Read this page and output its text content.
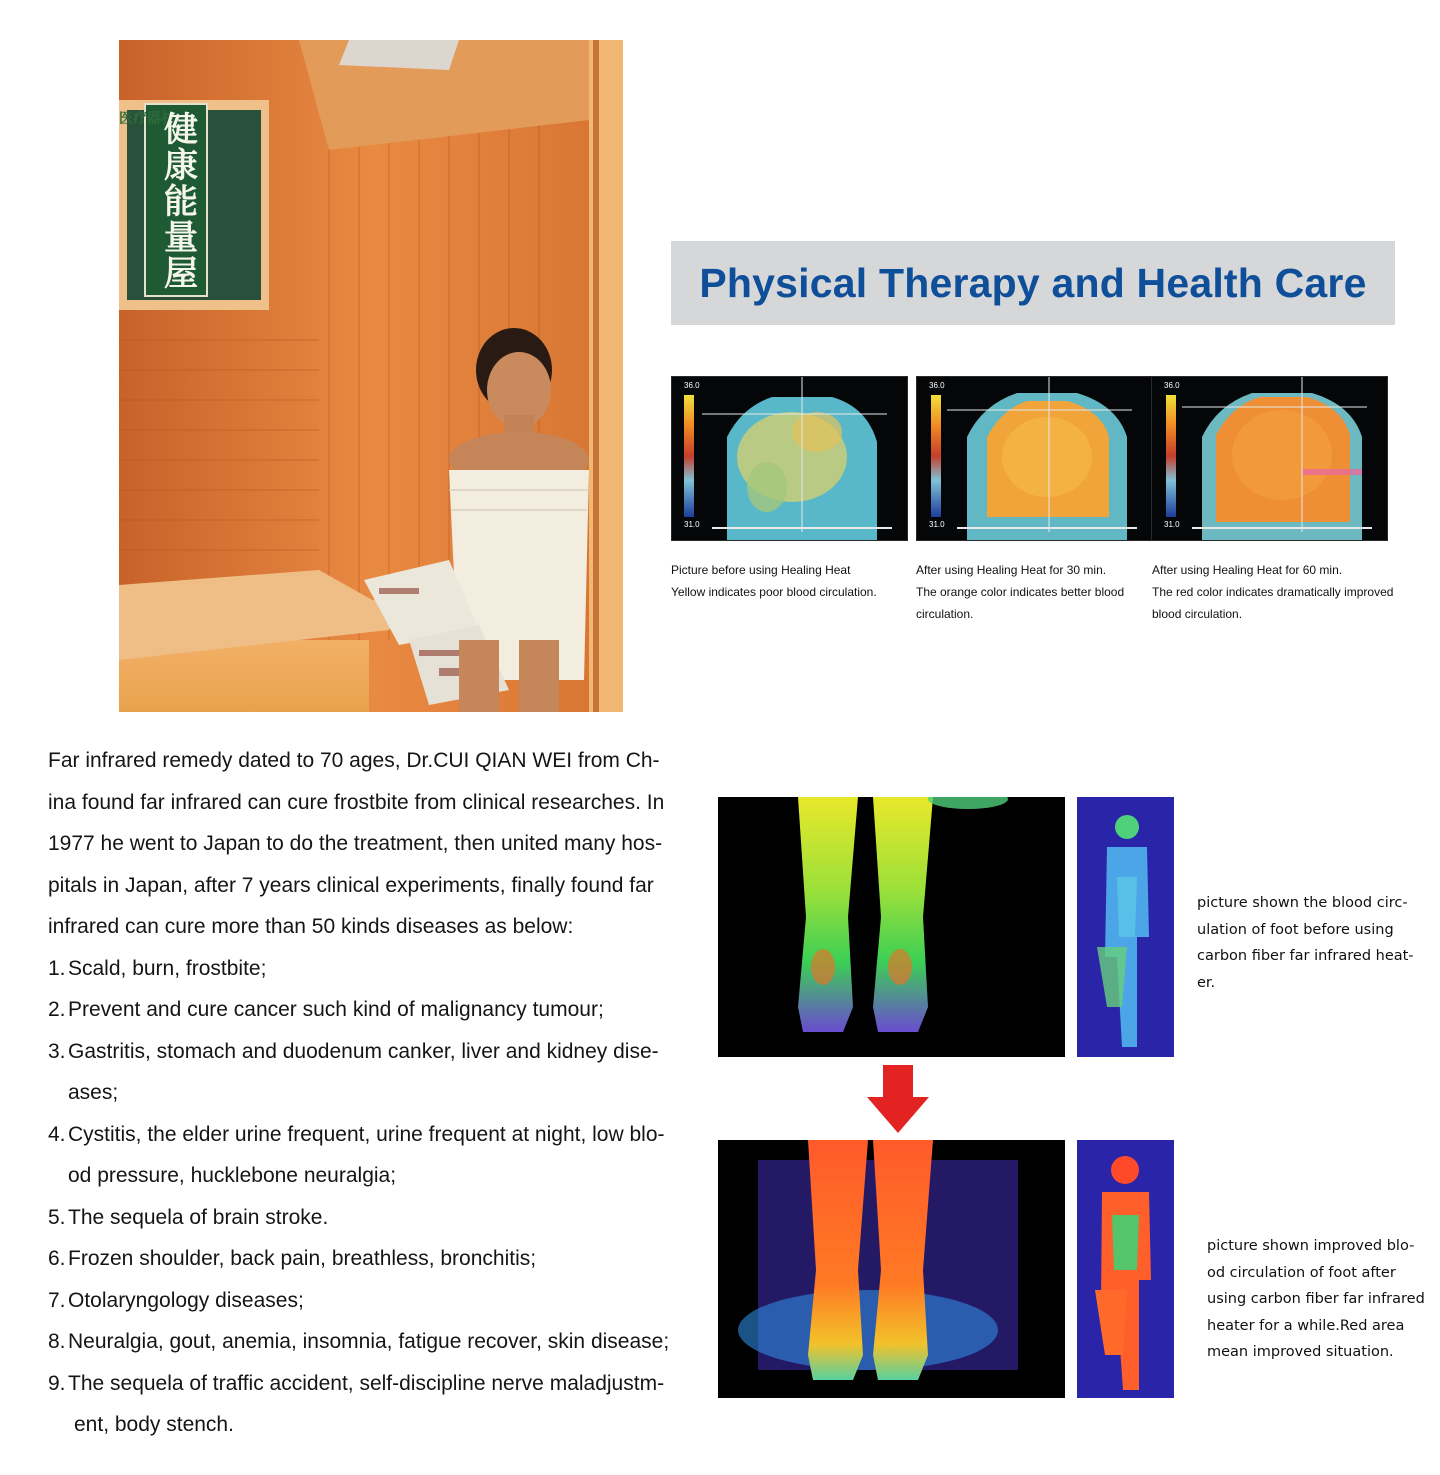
医疗器材
健康能量屋	Physical Therapy and Health Care
36.0
31.0
36.0
31.0
36.0
31.0
Picture before using Healing Heat
Yellow indicates poor blood circulation.
After using Healing Heat for 30 min.
The orange color indicates better blood
circulation.
After using Healing Heat for 60 min.
The red color indicates dramatically improved
blood circulation.

Far infrared remedy dated to 70 ages, Dr.CUI QIAN WEI from Ch-

ina found far infrared can cure frostbite from clinical researches. In

1977 he went to Japan to do the treatment, then united many hos-

pitals in Japan, after 7 years clinical experiments, finally found far

infrared can cure more than 50 kinds diseases as below:

1. Scald, burn, frostbite;
2. Prevent and cure cancer such kind of malignancy tumour;
3. Gastritis, stomach and duodenum canker, liver and kidney dise-
ases;
4. Cystitis, the elder urine frequent, urine frequent at night, low blo-
od pressure, hucklebone neuralgia;
5. The sequela of brain stroke.
6. Frozen shoulder, back pain, breathless, bronchitis;
7. Otolaryngology diseases;
8. Neuralgia, gout, anemia, insomnia, fatigue recover, skin disease;
9. The sequela of traffic accident, self-discipline nerve maladjustm-
ent, body stench.
picture shown the blood circ-
ulation of foot before using
carbon fiber far infrared heat-
er.
picture shown improved blo-
od circulation of foot after
using carbon fiber far infrared
heater for a while.Red area
mean improved situation.
